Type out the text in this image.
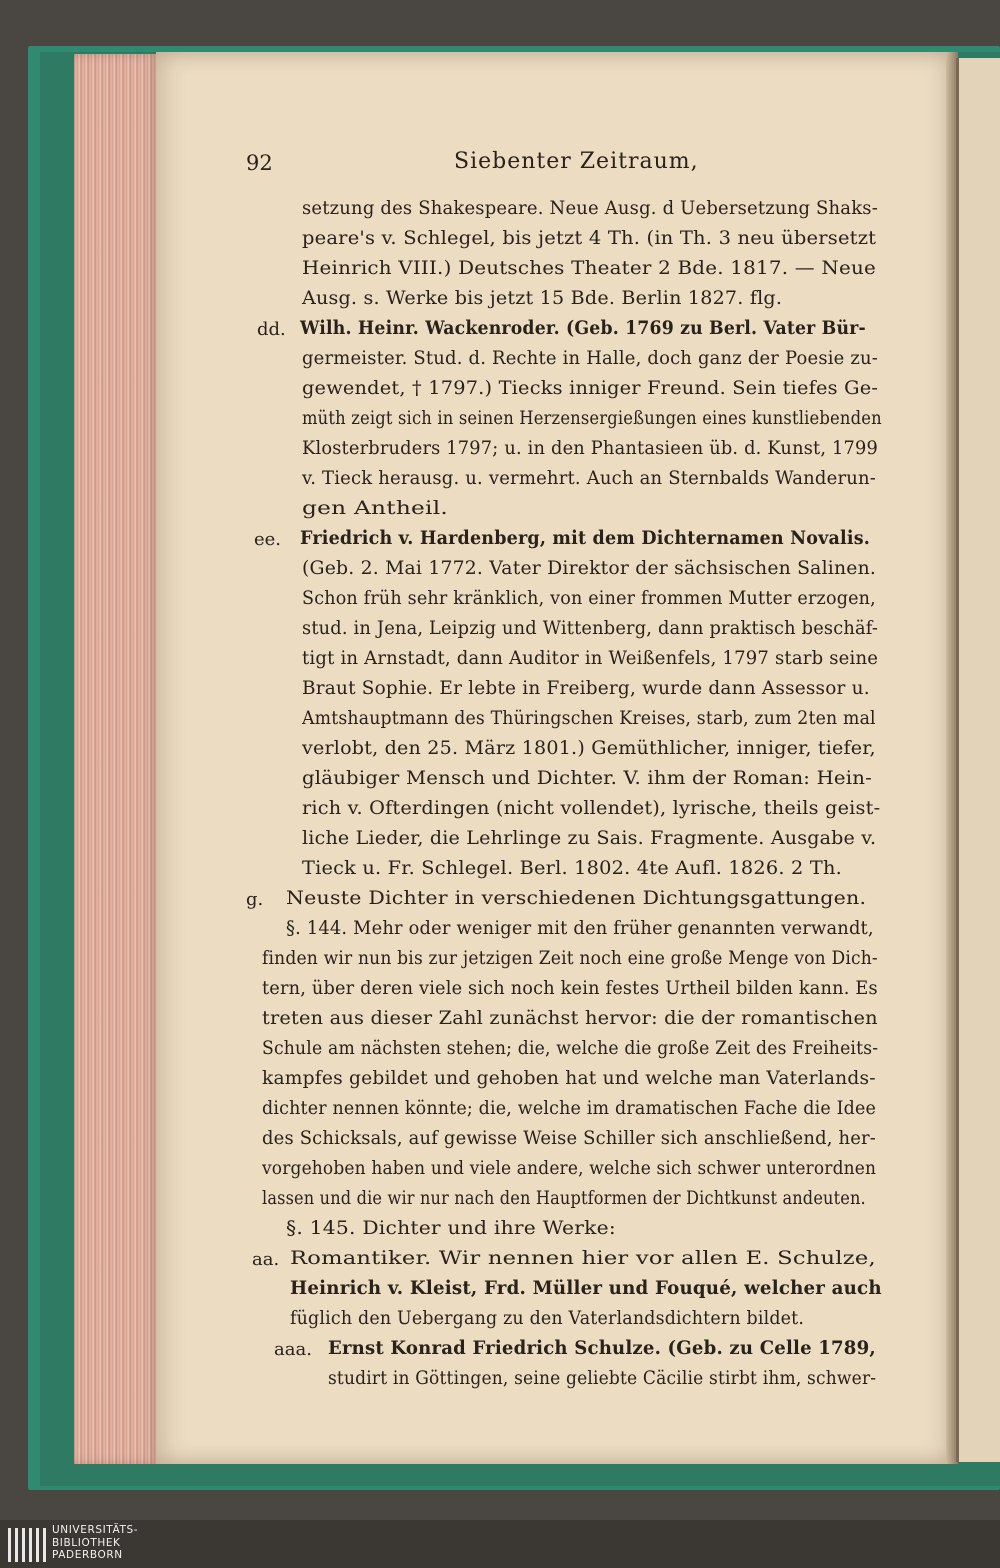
92	Siebenter Zeitraum,
setzung des Shakespeare. Neue Ausg. d Uebersetzung Shaks-
peare's v. Schlegel, bis jetzt 4 Th. (in Th. 3 neu übersetzt
Heinrich VIII.) Deutsches Theater 2 Bde. 1817. — Neue
Ausg. s. Werke bis jetzt 15 Bde. Berlin 1827. flg.
dd. Wilh. Heinr. Wackenroder. (Geb. 1769 zu Berl. Vater Bür-
germeister. Stud. d. Rechte in Halle, doch ganz der Poesie zu-
gewendet, † 1797.) Tiecks inniger Freund. Sein tiefes Ge-
müth zeigt sich in seinen Herzensergießungen eines kunstliebenden
Klosterbruders 1797; u. in den Phantasieen üb. d. Kunst, 1799
v. Tieck herausg. u. vermehrt. Auch an Sternbalds Wanderun-
gen Antheil.
ee. Friedrich v. Hardenberg, mit dem Dichternamen Novalis.
(Geb. 2. Mai 1772. Vater Direktor der sächsischen Salinen.
Schon früh sehr kränklich, von einer frommen Mutter erzogen,
stud. in Jena, Leipzig und Wittenberg, dann praktisch beschäf-
tigt in Arnstadt, dann Auditor in Weißenfels, 1797 starb seine
Braut Sophie. Er lebte in Freiberg, wurde dann Assessor u.
Amtshauptmann des Thüringschen Kreises, starb, zum 2ten mal
verlobt, den 25. März 1801.) Gemüthlicher, inniger, tiefer,
gläubiger Mensch und Dichter. V. ihm der Roman: Hein-
rich v. Ofterdingen (nicht vollendet), lyrische, theils geist-
liche Lieder, die Lehrlinge zu Sais. Fragmente. Ausgabe v.
Tieck u. Fr. Schlegel. Berl. 1802. 4te Aufl. 1826. 2 Th.
g. Neuste Dichter in verschiedenen Dichtungsgattungen.
§. 144. Mehr oder weniger mit den früher genannten verwandt,
finden wir nun bis zur jetzigen Zeit noch eine große Menge von Dich-
tern, über deren viele sich noch kein festes Urtheil bilden kann. Es
treten aus dieser Zahl zunächst hervor: die der romantischen
Schule am nächsten stehen; die, welche die große Zeit des Freiheits-
kampfes gebildet und gehoben hat und welche man Vaterlands-
dichter nennen könnte; die, welche im dramatischen Fache die Idee
des Schicksals, auf gewisse Weise Schiller sich anschließend, her-
vorgehoben haben und viele andere, welche sich schwer unterordnen
lassen und die wir nur nach den Hauptformen der Dichtkunst andeuten.
§. 145. Dichter und ihre Werke:
aa. Romantiker. Wir nennen hier vor allen E. Schulze,
Heinrich v. Kleist, Frd. Müller und Fouqué, welcher auch
füglich den Uebergang zu den Vaterlandsdichtern bildet.
aaa. Ernst Konrad Friedrich Schulze. (Geb. zu Celle 1789,
studirt in Göttingen, seine geliebte Cäcilie stirbt ihm, schwer-
UNIVERSITÄTS-
BIBLIOTHEK
PADERBORN
